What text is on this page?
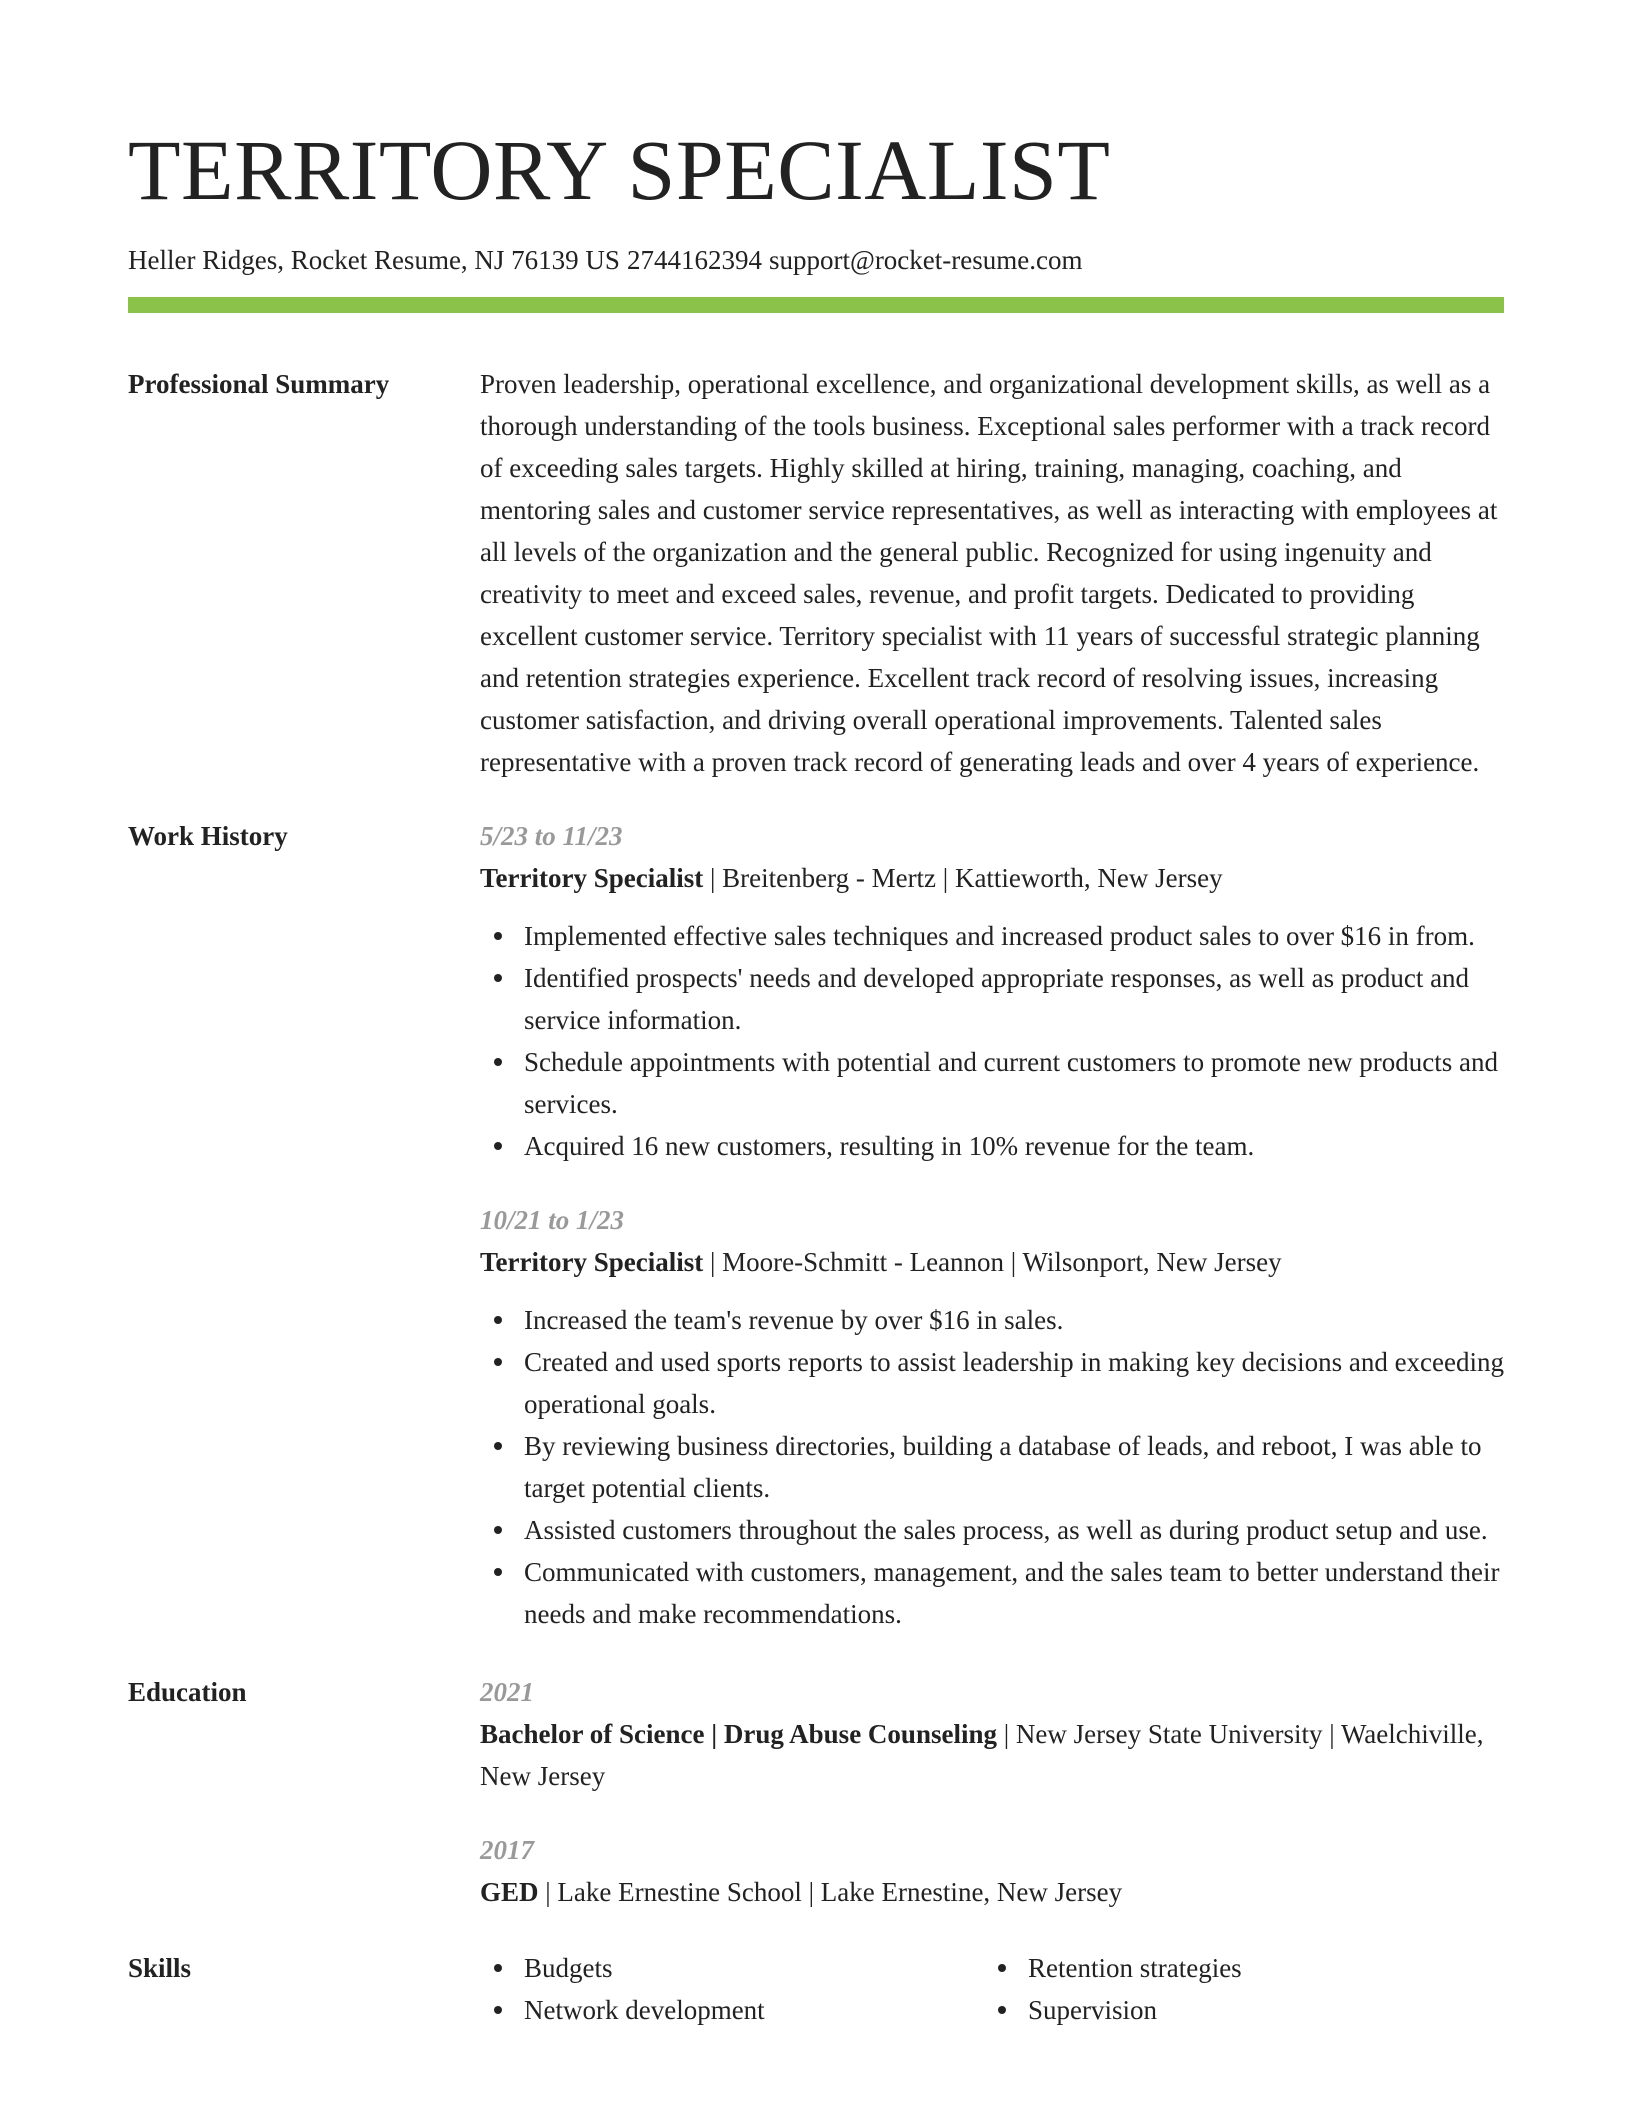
TERRITORY SPECIALIST
Heller Ridges, Rocket Resume, NJ 76139 US 2744162394 support@rocket-resume.com
Professional Summary	Proven leadership, operational excellence, and organizational development skills, as well as a thorough understanding of the tools business. Exceptional sales performer with a track record of exceeding sales targets. Highly skilled at hiring, training, managing, coaching, and mentoring sales and customer service representatives, as well as interacting with employees at all levels of the organization and the general public. Recognized for using ingenuity and creativity to meet and exceed sales, revenue, and profit targets. Dedicated to providing excellent customer service. Territory specialist with 11 years of successful strategic planning and retention strategies experience. Excellent track record of resolving issues, increasing customer satisfaction, and driving overall operational improvements. Talented sales representative with a proven track record of generating leads and over 4 years of experience.

Work History	5/23 to 11/23
Territory Specialist | Breitenberg - Mertz | Kattieworth, New Jersey
Implemented effective sales techniques and increased product sales to over $16 in from.
Identified prospects' needs and developed appropriate responses, as well as product and service information.
Schedule appointments with potential and current customers to promote new products and services.
Acquired 16 new customers, resulting in 10% revenue for the team.
10/21 to 1/23
Territory Specialist | Moore-Schmitt - Leannon | Wilsonport, New Jersey
Increased the team's revenue by over $16 in sales.
Created and used sports reports to assist leadership in making key decisions and exceeding operational goals.
By reviewing business directories, building a database of leads, and reboot, I was able to target potential clients.
Assisted customers throughout the sales process, as well as during product setup and use.
Communicated with customers, management, and the sales team to better understand their needs and make recommendations.
Education	2021
Bachelor of Science | Drug Abuse Counseling | New Jersey State University | Waelchiville, New Jersey
2017
GED | Lake Ernestine School | Lake Ernestine, New Jersey
Skills	Budgets
Network development
Retention strategies
Supervision
